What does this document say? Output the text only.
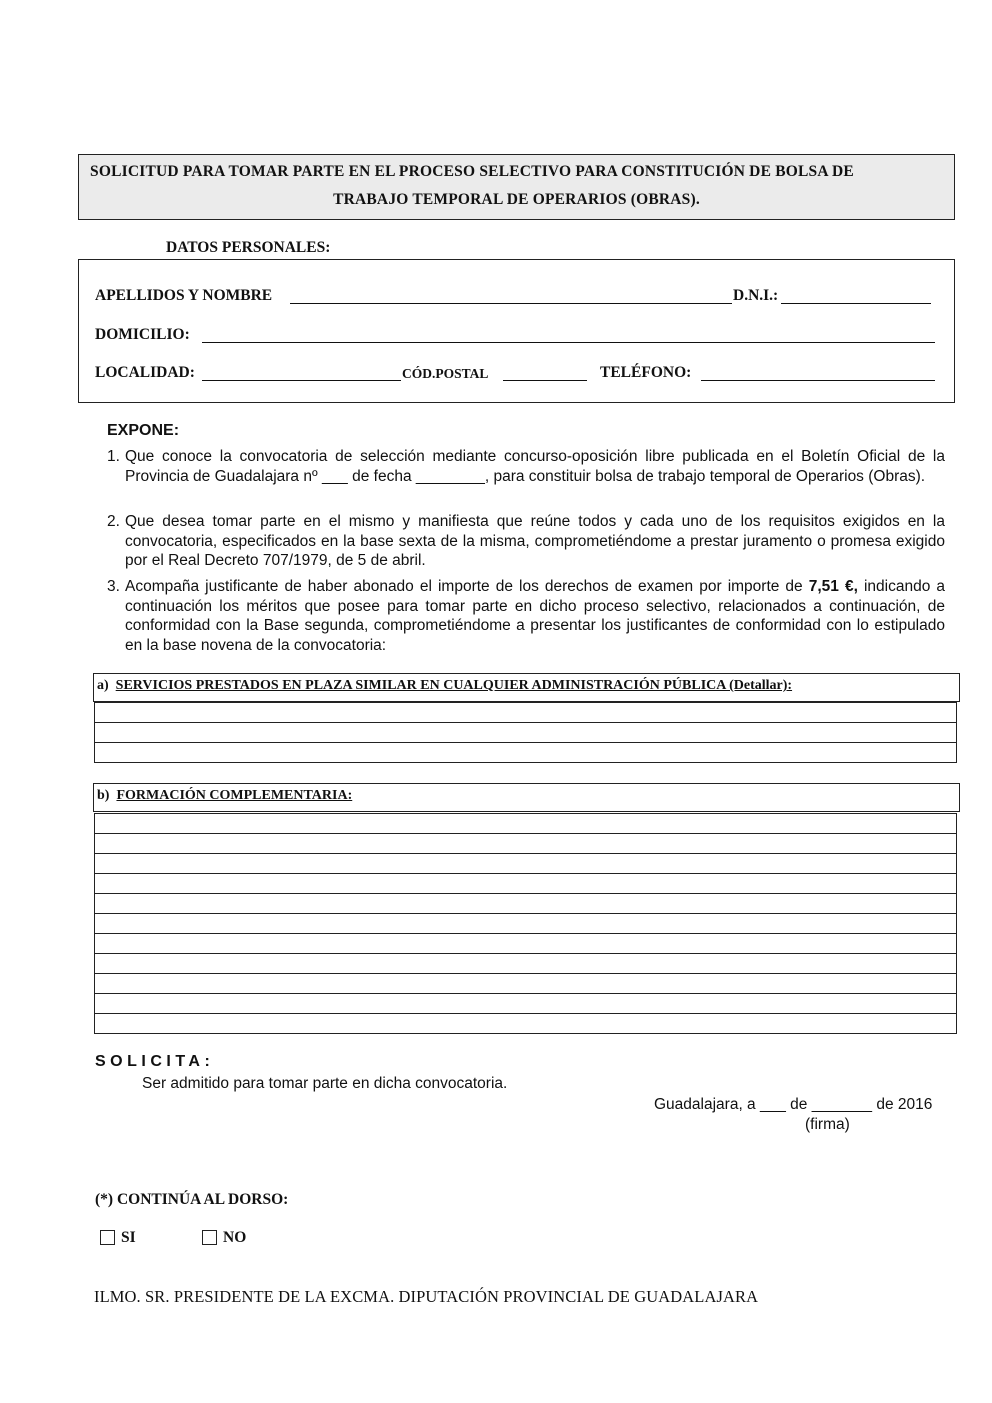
SOLICITUD PARA TOMAR PARTE EN EL PROCESO SELECTIVO PARA CONSTITUCIÓN DE BOLSA DE
TRABAJO TEMPORAL DE OPERARIOS (OBRAS).
DATOS PERSONALES:
APELLIDOS Y NOMBRE	D.N.I.:
DOMICILIO:
LOCALIDAD:	CÓD.POSTAL	TELÉFONO:
EXPONE:
1. Que conoce la convocatoria de selección mediante concurso-oposición libre publicada en el Boletín Oficial de la Provincia de Guadalajara nº ___ de fecha ________, para constituir bolsa de trabajo temporal de Operarios (Obras).
2. Que desea tomar parte en el mismo y manifiesta que reúne todos y cada uno de los requisitos exigidos en la convocatoria, especificados en la base sexta de la misma, comprometiéndome a prestar juramento o promesa exigido por el Real Decreto 707/1979, de 5 de abril.
3. Acompaña justificante de haber abonado el importe de los derechos de examen por importe de 7,51 €, indicando a continuación los méritos que posee para tomar parte en dicho proceso selectivo, relacionados a continuación, de conformidad con la Base segunda, comprometiéndome a presentar los justificantes de conformidad con lo estipulado en la base novena de la convocatoria:
a) SERVICIOS PRESTADOS EN PLAZA SIMILAR EN CUALQUIER ADMINISTRACIÓN PÚBLICA (Detallar):
b) FORMACIÓN COMPLEMENTARIA:
SOLICITA:
Ser admitido para tomar parte en dicha convocatoria.
Guadalajara, a ___ de _______ de 2016
(firma)
(*) CONTINÚA AL DORSO:
SI	NO
ILMO. SR. PRESIDENTE DE LA EXCMA. DIPUTACIÓN PROVINCIAL DE GUADALAJARA
